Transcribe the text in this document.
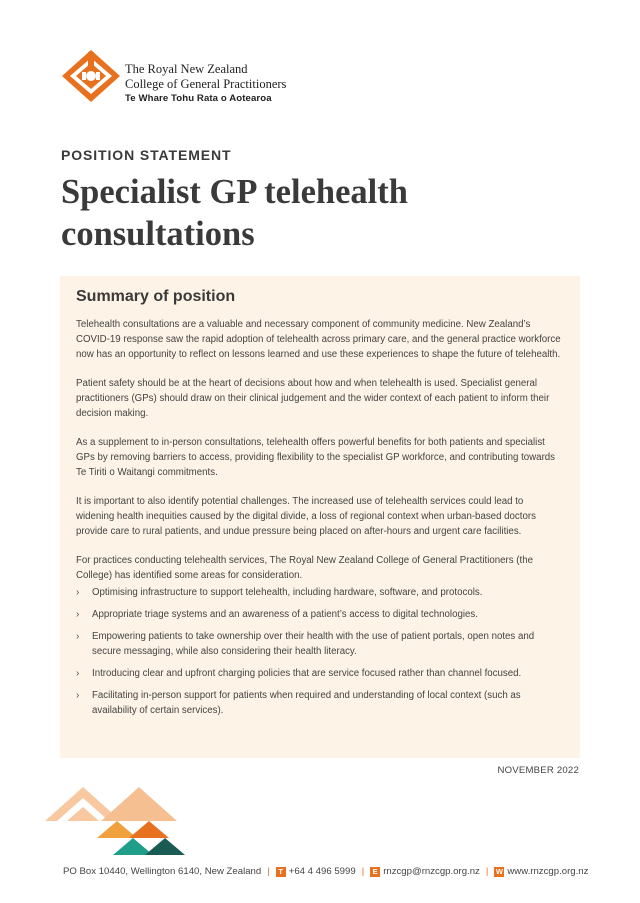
The Royal New Zealand
College of General Practitioners
Te Whare Tohu Rata o Aotearoa
POSITION STATEMENT
Specialist GP telehealth consultations
Summary of position

Telehealth consultations are a valuable and necessary component of community medicine. New Zealand’s COVID-19 response saw the rapid adoption of telehealth across primary care, and the general practice workforce now has an opportunity to reflect on lessons learned and use these experiences to shape the future of telehealth.

Patient safety should be at the heart of decisions about how and when telehealth is used. Specialist general practitioners (GPs) should draw on their clinical judgement and the wider context of each patient to inform their decision making.

As a supplement to in-person consultations, telehealth offers powerful benefits for both patients and specialist GPs by removing barriers to access, providing flexibility to the specialist GP workforce, and contributing towards Te Tiriti o Waitangi commitments.

It is important to also identify potential challenges. The increased use of telehealth services could lead to widening health inequities caused by the digital divide, a loss of regional context when urban-based doctors provide care to rural patients, and undue pressure being placed on after-hours and urgent care facilities.

For practices conducting telehealth services, The Royal New Zealand College of General Practitioners (the College) has identified some areas for consideration.

› Optimising infrastructure to support telehealth, including hardware, software, and protocols.
› Appropriate triage systems and an awareness of a patient’s access to digital technologies.
› Empowering patients to take ownership over their health with the use of patient portals, open notes and secure messaging, while also considering their health literacy.
› Introducing clear and upfront charging policies that are service focused rather than channel focused.
› Facilitating in-person support for patients when required and understanding of local context (such as availability of certain services).
NOVEMBER 2022
PO Box 10440, Wellington 6140, New Zealand | T +64 4 496 5999 | E rnzcgp@rnzcgp.org.nz | W www.rnzcgp.org.nz
